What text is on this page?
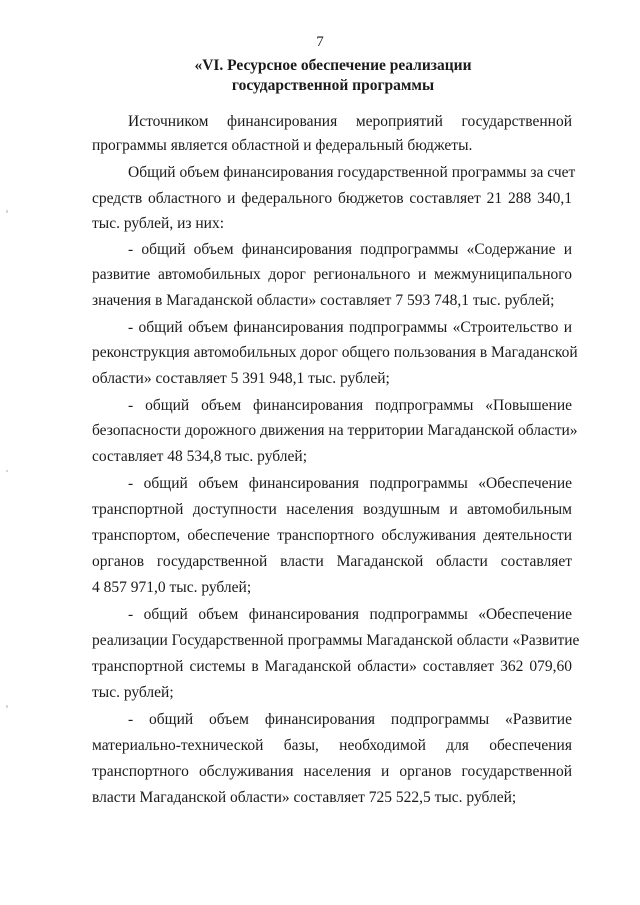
7
«VI. Ресурсное обеспечение реализации
государственной программы
Источником финансирования мероприятий государственной
программы является областной и федеральный бюджеты.
Общий объем финансирования государственной программы за счет
средств областного и федерального бюджетов составляет 21 288 340,1
тыс. рублей, из них:
- общий объем финансирования подпрограммы «Содержание и
развитие автомобильных дорог регионального и межмуниципального
значения в Магаданской области» составляет 7 593 748,1 тыс. рублей;
- общий объем финансирования подпрограммы «Строительство и
реконструкция автомобильных дорог общего пользования в Магаданской
области» составляет 5 391 948,1 тыс. рублей;
- общий объем финансирования подпрограммы «Повышение
безопасности дорожного движения на территории Магаданской области»
составляет 48 534,8 тыс. рублей;
- общий объем финансирования подпрограммы «Обеспечение
транспортной доступности населения воздушным и автомобильным
транспортом, обеспечение транспортного обслуживания деятельности
органов государственной власти Магаданской области составляет
4 857 971,0 тыс. рублей;
- общий объем финансирования подпрограммы «Обеспечение
реализации Государственной программы Магаданской области «Развитие
транспортной системы в Магаданской области» составляет 362 079,60
тыс. рублей;
- общий объем финансирования подпрограммы «Развитие
материально-технической базы, необходимой для обеспечения
транспортного обслуживания населения и органов государственной
власти Магаданской области» составляет 725 522,5 тыс. рублей;
